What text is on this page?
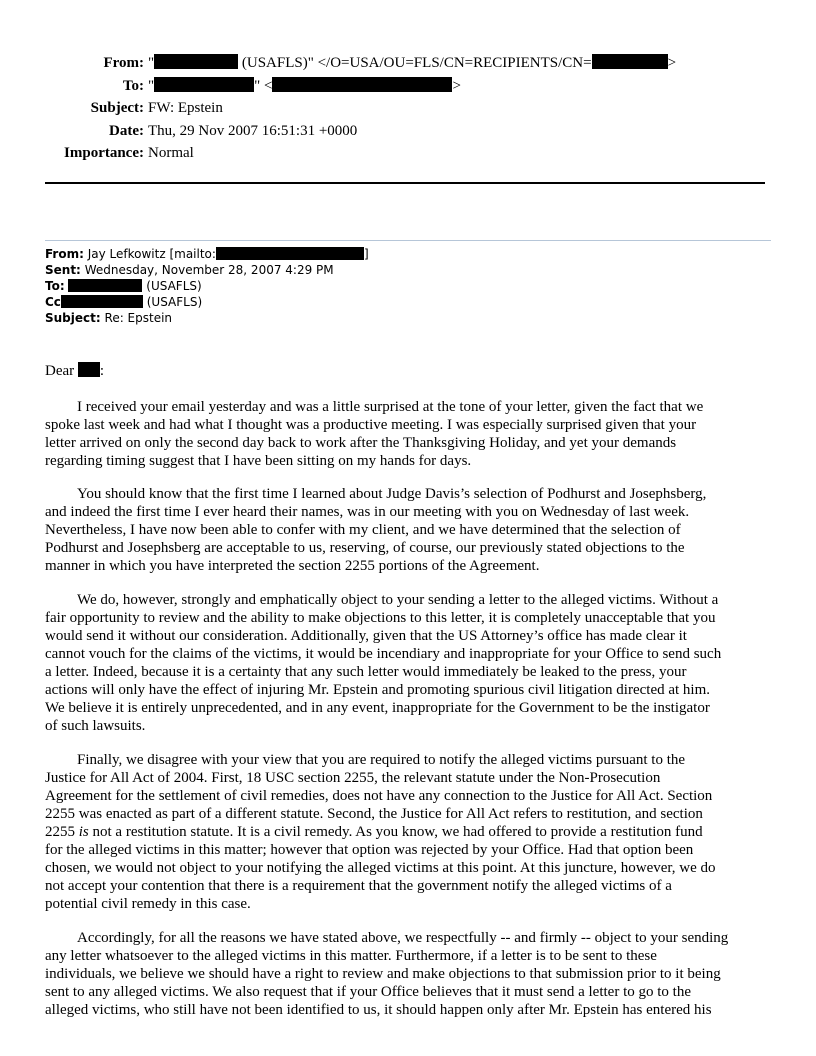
From: "	(USAFLS)" </O=USA/OU=FLS/CN=RECIPIENTS/CN=	>
To: "	" <	>
Subject: FW: Epstein
Date: Thu, 29 Nov 2007 16:51:31 +0000
Importance: Normal
From: Jay Lefkowitz [mailto:	]
Sent: Wednesday, November 28, 2007 4:29 PM
To:	(USAFLS)
Cc	(USAFLS)
Subject: Re: Epstein
Dear :
I received your email yesterday and was a little surprised at the tone of your letter, given the fact that we
spoke last week and had what I thought was a productive meeting. I was especially surprised given that your
letter arrived on only the second day back to work after the Thanksgiving Holiday, and yet your demands
regarding timing suggest that I have been sitting on my hands for days.
You should know that the first time I learned about Judge Davis’s selection of Podhurst and Josephsberg,
and indeed the first time I ever heard their names, was in our meeting with you on Wednesday of last week.
Nevertheless, I have now been able to confer with my client, and we have determined that the selection of
Podhurst and Josephsberg are acceptable to us, reserving, of course, our previously stated objections to the
manner in which you have interpreted the section 2255 portions of the Agreement.
We do, however, strongly and emphatically object to your sending a letter to the alleged victims. Without a
fair opportunity to review and the ability to make objections to this letter, it is completely unacceptable that you
would send it without our consideration. Additionally, given that the US Attorney’s office has made clear it
cannot vouch for the claims of the victims, it would be incendiary and inappropriate for your Office to send such
a letter. Indeed, because it is a certainty that any such letter would immediately be leaked to the press, your
actions will only have the effect of injuring Mr. Epstein and promoting spurious civil litigation directed at him.
We believe it is entirely unprecedented, and in any event, inappropriate for the Government to be the instigator
of such lawsuits.
Finally, we disagree with your view that you are required to notify the alleged victims pursuant to the
Justice for All Act of 2004. First, 18 USC section 2255, the relevant statute under the Non-Prosecution
Agreement for the settlement of civil remedies, does not have any connection to the Justice for All Act. Section
2255 was enacted as part of a different statute. Second, the Justice for All Act refers to restitution, and section
2255 is not a restitution statute. It is a civil remedy. As you know, we had offered to provide a restitution fund
for the alleged victims in this matter; however that option was rejected by your Office. Had that option been
chosen, we would not object to your notifying the alleged victims at this point. At this juncture, however, we do
not accept your contention that there is a requirement that the government notify the alleged victims of a
potential civil remedy in this case.
Accordingly, for all the reasons we have stated above, we respectfully -- and firmly -- object to your sending
any letter whatsoever to the alleged victims in this matter. Furthermore, if a letter is to be sent to these
individuals, we believe we should have a right to review and make objections to that submission prior to it being
sent to any alleged victims. We also request that if your Office believes that it must send a letter to go to the
alleged victims, who still have not been identified to us, it should happen only after Mr. Epstein has entered his
